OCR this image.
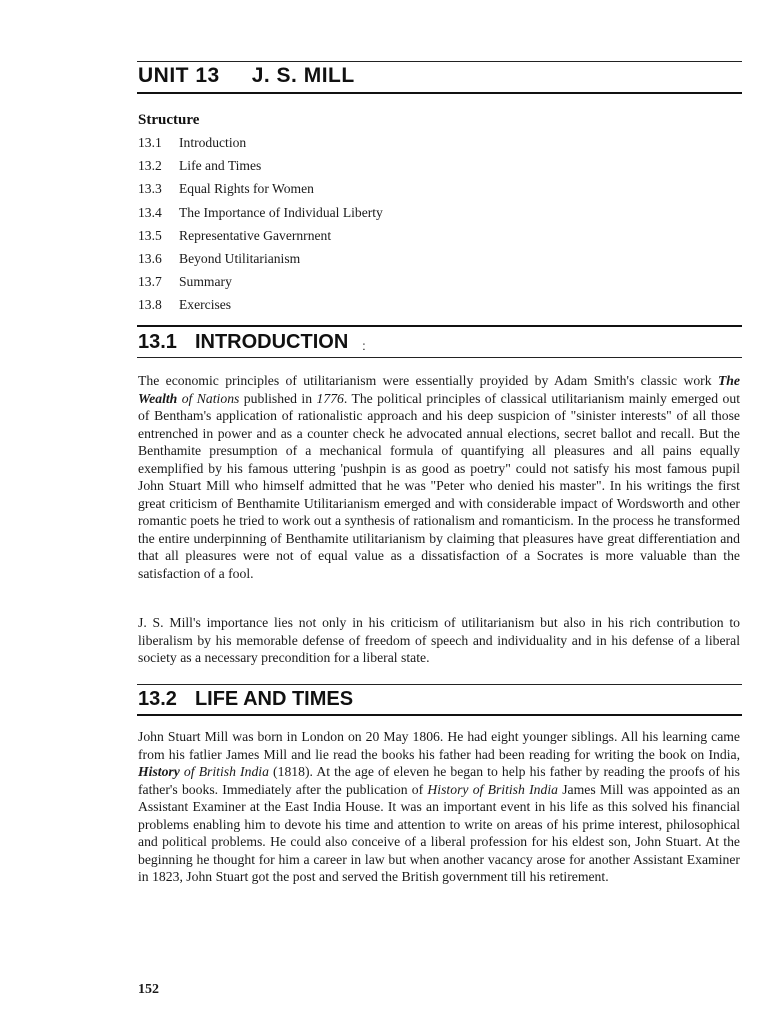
UNIT 13 J. S. MILL
Structure
13.1 Introduction
13.2 Life and Times
13.3 Equal Rights for Women
13.4 The Importance of Individual Liberty
13.5 Representative Gavernrnent
13.6 Beyond Utilitarianism
13.7 Summary
13.8 Exercises
13.1 INTRODUCTION :

The economic principles of utilitarianism were essentially proyided by Adam Smith's classic work The Wealth of Nations published in 1776. The political principles of classical utilitarianism mainly emerged out of Bentham's application of rationalistic approach and his deep suspicion of "sinister interests" of all those entrenched in power and as a counter check he advocated annual elections, secret ballot and recall. But the Benthamite presumption of a mechanical formula of quantifying all pleasures and all pains equally exemplified by his famous uttering 'pushpin is as good as poetry" could not satisfy his most famous pupil John Stuart Mill who himself admitted that he was "Peter who denied his master". In his writings the first great criticism of Benthamite Utilitarianism emerged and with considerable impact of Wordsworth and other romantic poets he tried to work out a synthesis of rationalism and romanticism. In the process he transformed the entire underpinning of Benthamite utilitarianism by claiming that pleasures have great differentiation and that all pleasures were not of equal value as a dissatisfaction of a Socrates is more valuable than the satisfaction of a fool.

J. S. Mill's importance lies not only in his criticism of utilitarianism but also in his rich contribution to liberalism by his memorable defense of freedom of speech and individuality and in his defense of a liberal society as a necessary precondition for a liberal state.

13.2 LIFE AND TIMES

John Stuart Mill was born in London on 20 May 1806. He had eight younger siblings. All his learning came from his fatlier James Mill and lie read the books his father had been reading for writing the book on India, History of British India (1818). At the age of eleven he began to help his father by reading the proofs of his father's books. Immediately after the publication of History of British India James Mill was appointed as an Assistant Examiner at the East India House. It was an important event in his life as this solved his financial problems enabling him to devote his time and attention to write on areas of his prime interest, philosophical and political problems. He could also conceive of a liberal profession for his eldest son, John Stuart. At the beginning he thought for him a career in law but when another vacancy arose for another Assistant Examiner in 1823, John Stuart got the post and served the British government till his retirement.

152
